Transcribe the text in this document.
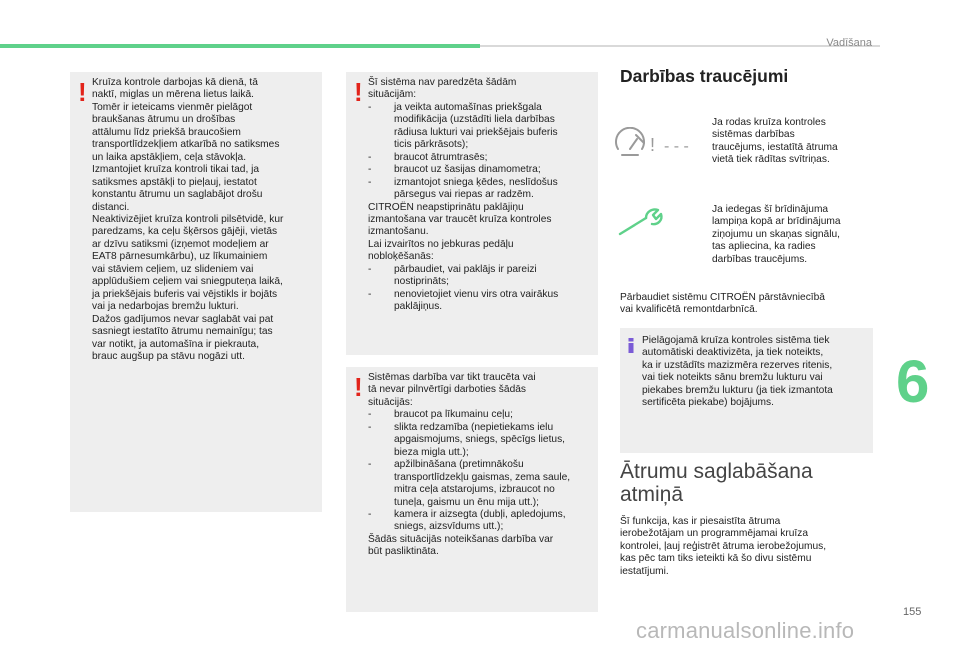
Vadīšana
! Kruīza kontrole darbojas kā dienā, tā
naktī, miglas un mērena lietus laikā.
Tomēr ir ieteicams vienmēr pielāgot
braukšanas ātrumu un drošības
attālumu līdz priekšā braucošiem
transportlīdzekļiem atkarībā no satiksmes
un laika apstākļiem, ceļa stāvokļa.
Izmantojiet kruīza kontroli tikai tad, ja
satiksmes apstākļi to pieļauj, iestatot
konstantu ātrumu un saglabājot drošu
distanci.
Neaktivizējiet kruīza kontroli pilsētvidē, kur
paredzams, ka ceļu šķērsos gājēji, vietās
ar dzīvu satiksmi (izņemot modeļiem ar
EAT8 pārnesumkārbu), uz līkumainiem
vai stāviem ceļiem, uz slideniem vai
applūdušiem ceļiem vai sniegputeņa laikā,
ja priekšējais buferis vai vējstikls ir bojāts
vai ja nedarbojas bremžu lukturi.
Dažos gadījumos nevar saglabāt vai pat
sasniegt iestatīto ātrumu nemainīgu; tas
var notikt, ja automašīna ir piekrauta,
brauc augšup pa stāvu nogāzi utt.
! Šī sistēma nav paredzēta šādām
situācijām:
- ja veikta automašīnas priekšgala
modifikācija (uzstādīti liela darbības
rādiusa lukturi vai priekšējais buferis
ticis pārkrāsots);
- braucot ātrumtrasēs;
- braucot uz šasijas dinamometra;
- izmantojot sniega ķēdes, neslīdošus
pārsegus vai riepas ar radzēm.
CITROËN neapstiprinātu paklājiņu
izmantošana var traucēt kruīza kontroles
izmantošanu.
Lai izvairītos no jebkuras pedāļu
nobloķēšanās:
- pārbaudiet, vai paklājs ir pareizi
nostiprināts;
- nenovietojiet vienu virs otra vairākus
paklājiņus.
! Sistēmas darbība var tikt traucēta vai
tā nevar pilnvērtīgi darboties šādās
situācijās:
- braucot pa līkumainu ceļu;
- slikta redzamība (nepietiekams ielu
apgaismojums, sniegs, spēcīgs lietus,
bieza migla utt.);
- apžilbināšana (pretimnākošu
transportlīdzekļu gaismas, zema saule,
mitra ceļa atstarojums, izbraucot no
tuneļa, gaismu un ēnu mija utt.);
- kamera ir aizsegta (dubļi, apledojums,
sniegs, aizsvīdums utt.);
Šādās situācijās noteikšanas darbība var
būt pasliktināta.
Darbības traucējumi
! - - -
Ja rodas kruīza kontroles
sistēmas darbības
traucējums, iestatītā ātruma
vietā tiek rādītas svītriņas.
Ja iedegas šī brīdinājuma
lampiņa kopā ar brīdinājuma
ziņojumu un skaņas signālu,
tas apliecina, ka radies
darbības traucējums.
Pārbaudiet sistēmu CITROËN pārstāvniecībā
vai kvalificētā remontdarbnīcā.
Pielāgojamā kruīza kontroles sistēma tiek
automātiski deaktivizēta, ja tiek noteikts,
ka ir uzstādīts mazizmēra rezerves ritenis,
vai tiek noteikts sānu bremžu lukturu vai
piekabes bremžu lukturu (ja tiek izmantota
sertificēta piekabe) bojājums.
Ātrumu saglabāšana
atmiņā
Šī funkcija, kas ir piesaistīta ātruma
ierobežotājam un programmējamai kruīza
kontrolei, ļauj reģistrēt ātruma ierobežojumus,
kas pēc tam tiks ieteikti kā šo divu sistēmu
iestatījumi.
6
155
carmanualsonline.info
